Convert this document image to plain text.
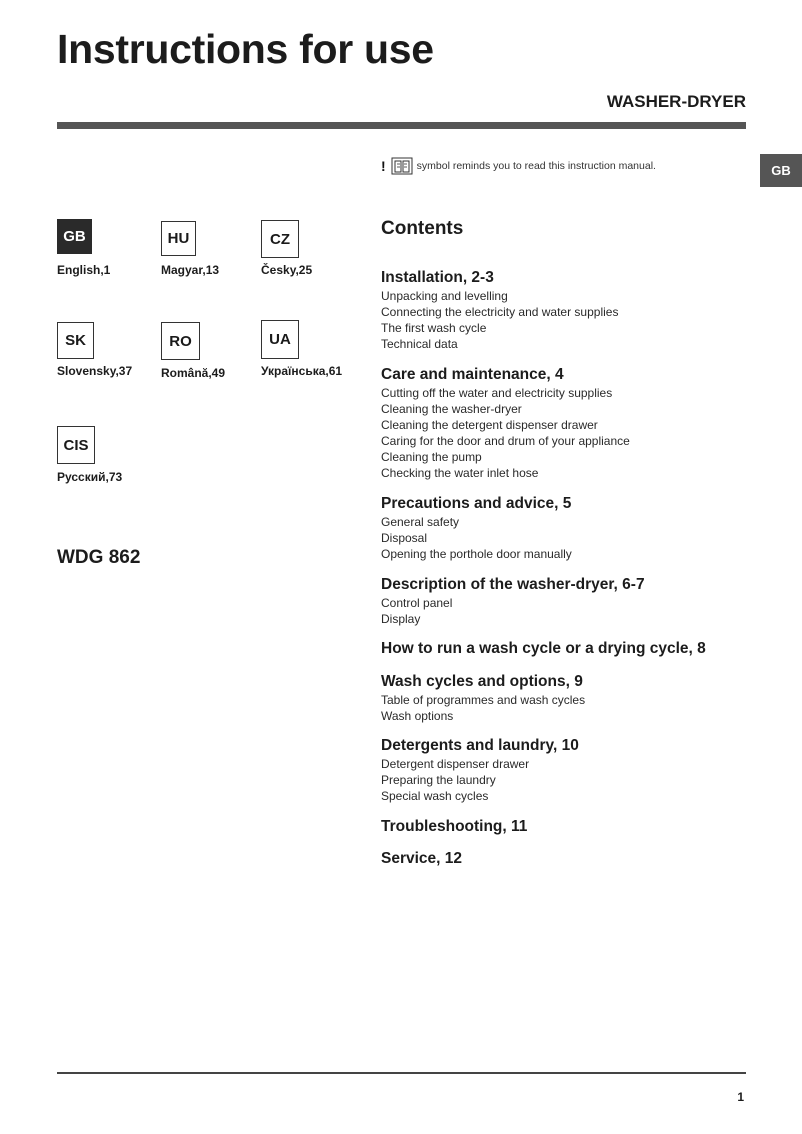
Instructions for use
WASHER-DRYER
GB
!	symbol reminds you to read this instruction manual.
GB
English,1
HU
Magyar,13
CZ
Česky,25
SK
Slovensky,37
RO
Română,49
UA
Українська,61
CIS
Русский,73
WDG 862
Contents
Installation, 2-3
Unpacking and levelling
Connecting the electricity and water supplies
The first wash cycle
Technical data
Care and maintenance, 4
Cutting off the water and electricity supplies
Cleaning the washer-dryer
Cleaning the detergent dispenser drawer
Caring for the door and drum of your appliance
Cleaning the pump
Checking the water inlet hose
Precautions and advice, 5
General safety
Disposal
Opening the porthole door manually
Description of the washer-dryer, 6-7
Control panel
Display
How to run a wash cycle or a drying cycle, 8
Wash cycles and options, 9
Table of programmes and wash cycles
Wash options
Detergents and laundry, 10
Detergent dispenser drawer
Preparing the laundry
Special wash cycles
Troubleshooting, 11
Service, 12
1
